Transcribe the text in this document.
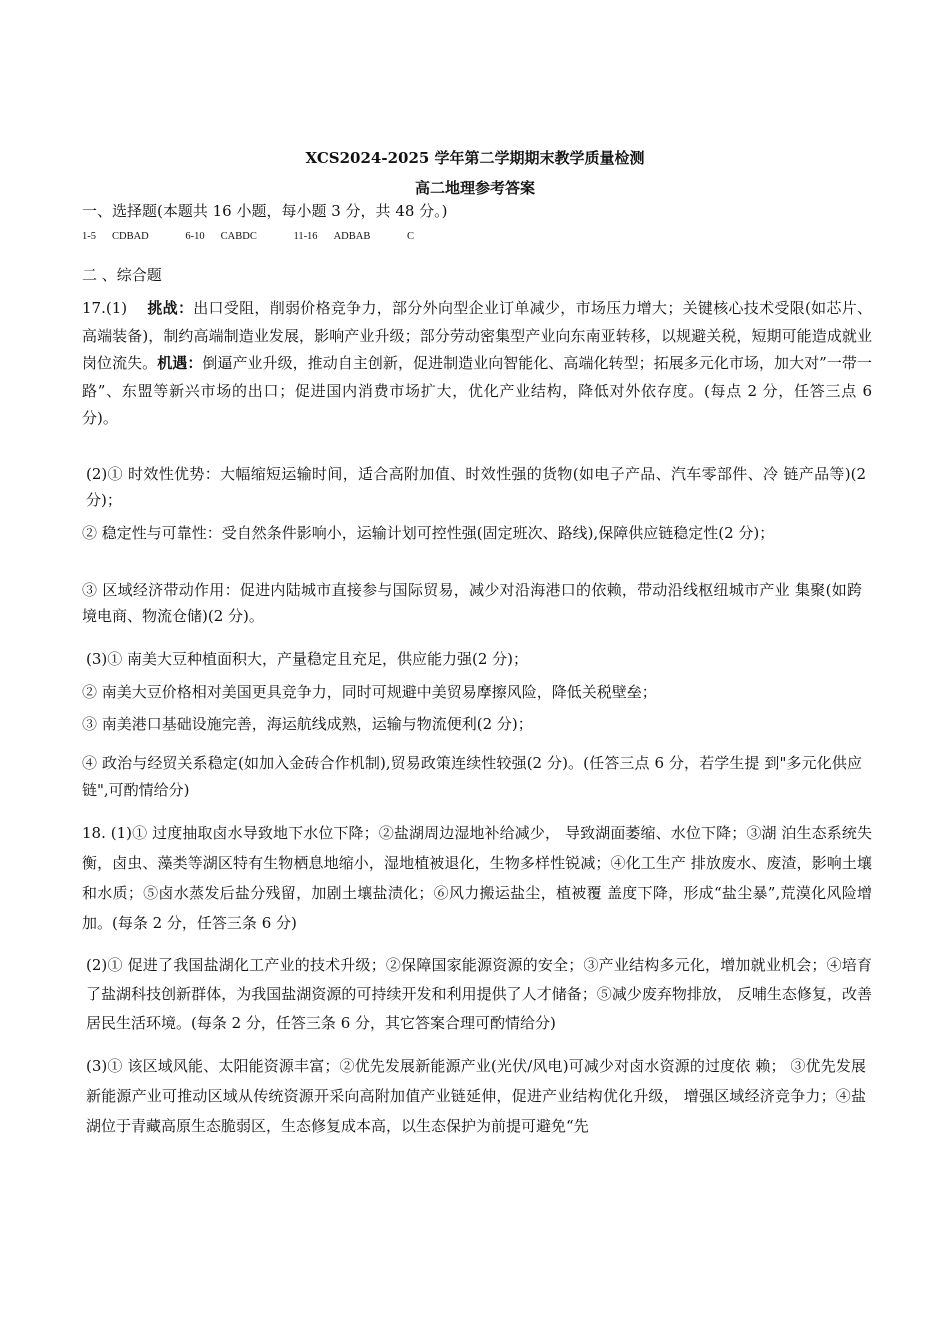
XCS2024-2025 学年第二学期期末教学质量检测
高二地理参考答案
一、选择题(本题共 16 小题，每小题 3 分，共 48 分。)
1-5 CDBAD	6-10 CABDC	11-16 ADBAB	C
二 、综合题
17.(1) 挑战：出口受阻，削弱价格竞争力，部分外向型企业订单减少，市场压力增大；关键核心技术受限(如芯片、高端装备)，制约高端制造业发展，影响产业升级；部分劳动密集型产业向东南亚转移，以规避关税，短期可能造成就业岗位流失。机遇：倒逼产业升级，推动自主创新，促进制造业向智能化、高端化转型；拓展多元化市场，加大对”一带一路”、东盟等新兴市场的出口；促进国内消费市场扩大，优化产业结构，降低对外依存度。(每点 2 分，任答三点 6 分)。
(2)① 时效性优势：大幅缩短运输时间，适合高附加值、时效性强的货物(如电子产品、汽车零部件、冷 链产品等)(2 分)；
② 稳定性与可靠性：受自然条件影响小，运输计划可控性强(固定班次、路线),保障供应链稳定性(2 分)；
③ 区域经济带动作用：促进内陆城市直接参与国际贸易，减少对沿海港口的依赖，带动沿线枢纽城市产业 集聚(如跨境电商、物流仓储)(2 分)。
(3)① 南美大豆种植面积大，产量稳定且充足，供应能力强(2 分)；
② 南美大豆价格相对美国更具竞争力，同时可规避中美贸易摩擦风险，降低关税壁垒；
③ 南美港口基础设施完善，海运航线成熟，运输与物流便利(2 分)；
④ 政治与经贸关系稳定(如加入金砖合作机制),贸易政策连续性较强(2 分)。(任答三点 6 分，若学生提 到"多元化供应链",可酌情给分)
18. (1)① 过度抽取卤水导致地下水位下降；②盐湖周边湿地补给减少， 导致湖面萎缩、水位下降；③湖 泊生态系统失衡，卤虫、藻类等湖区特有生物栖息地缩小，湿地植被退化，生物多样性锐减；④化工生产 排放废水、废渣，影响土壤和水质；⑤卤水蒸发后盐分残留，加剧土壤盐渍化；⑥风力搬运盐尘，植被覆 盖度下降，形成“盐尘暴”,荒漠化风险增加。(每条 2 分，任答三条 6 分)
(2)① 促进了我国盐湖化工产业的技术升级；②保障国家能源资源的安全；③产业结构多元化，增加就业机会；④培育了盐湖科技创新群体，为我国盐湖资源的可持续开发和利用提供了人才储备；⑤减少废弃物排放， 反哺生态修复，改善居民生活环境。(每条 2 分，任答三条 6 分，其它答案合理可酌情给分)
(3)① 该区域风能、太阳能资源丰富；②优先发展新能源产业(光伏/风电)可减少对卤水资源的过度依 赖； ③优先发展新能源产业可推动区域从传统资源开采向高附加值产业链延伸，促进产业结构优化升级， 增强区域经济竞争力；④盐湖位于青藏高原生态脆弱区，生态修复成本高，以生态保护为前提可避免“先
